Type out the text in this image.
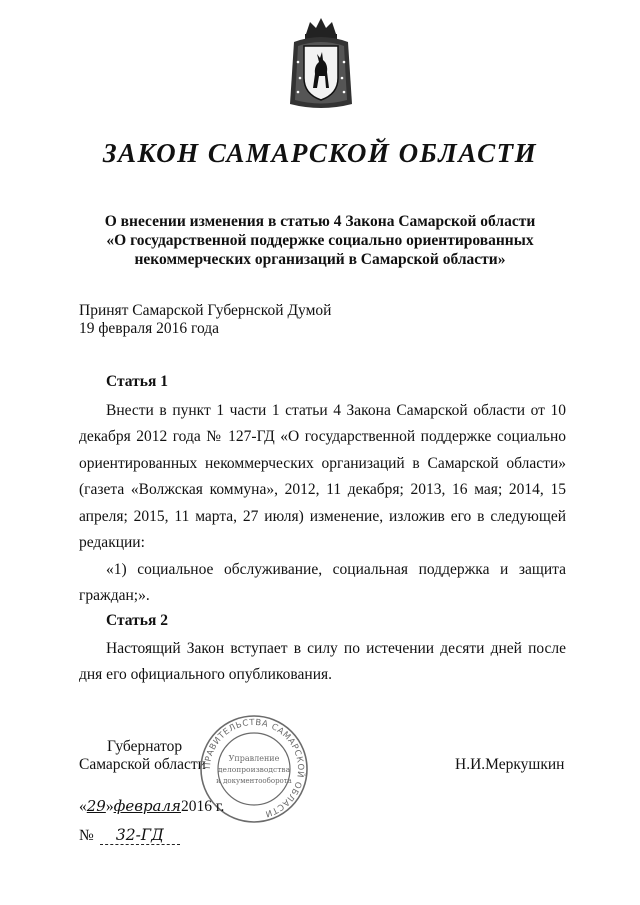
ЗАКОН САМАРСКОЙ ОБЛАСТИ
О внесении изменения в статью 4 Закона Самарской области
«О государственной поддержке социально ориентированных
некоммерческих организаций в Самарской области»
Принят Самарской Губернской Думой
19 февраля 2016 года
Статья 1
Внести в пункт 1 части 1 статьи 4 Закона Самарской области от 10 декабря 2012 года № 127-ГД «О государственной поддержке социально ориентированных некоммерческих организаций в Самарской области» (газета «Волжская коммуна», 2012, 11 декабря; 2013, 16 мая; 2014, 15 апреля; 2015, 11 марта, 27 июля) изменение, изложив его в следующей редакции:
«1) социальное обслуживание, социальная поддержка и защита граждан;».
Статья 2
Настоящий Закон вступает в силу по истечении десяти дней после дня его официального опубликования.
Губернатор
Самарской области	Н.И.Меркушкин
ПРАВИТЕЛЬСТВА САМАРСКОЙ ОБЛАСТИ
Управление
делопроизводства
и документооборота
«29»февраля2016 г.
№ 32-ГД
